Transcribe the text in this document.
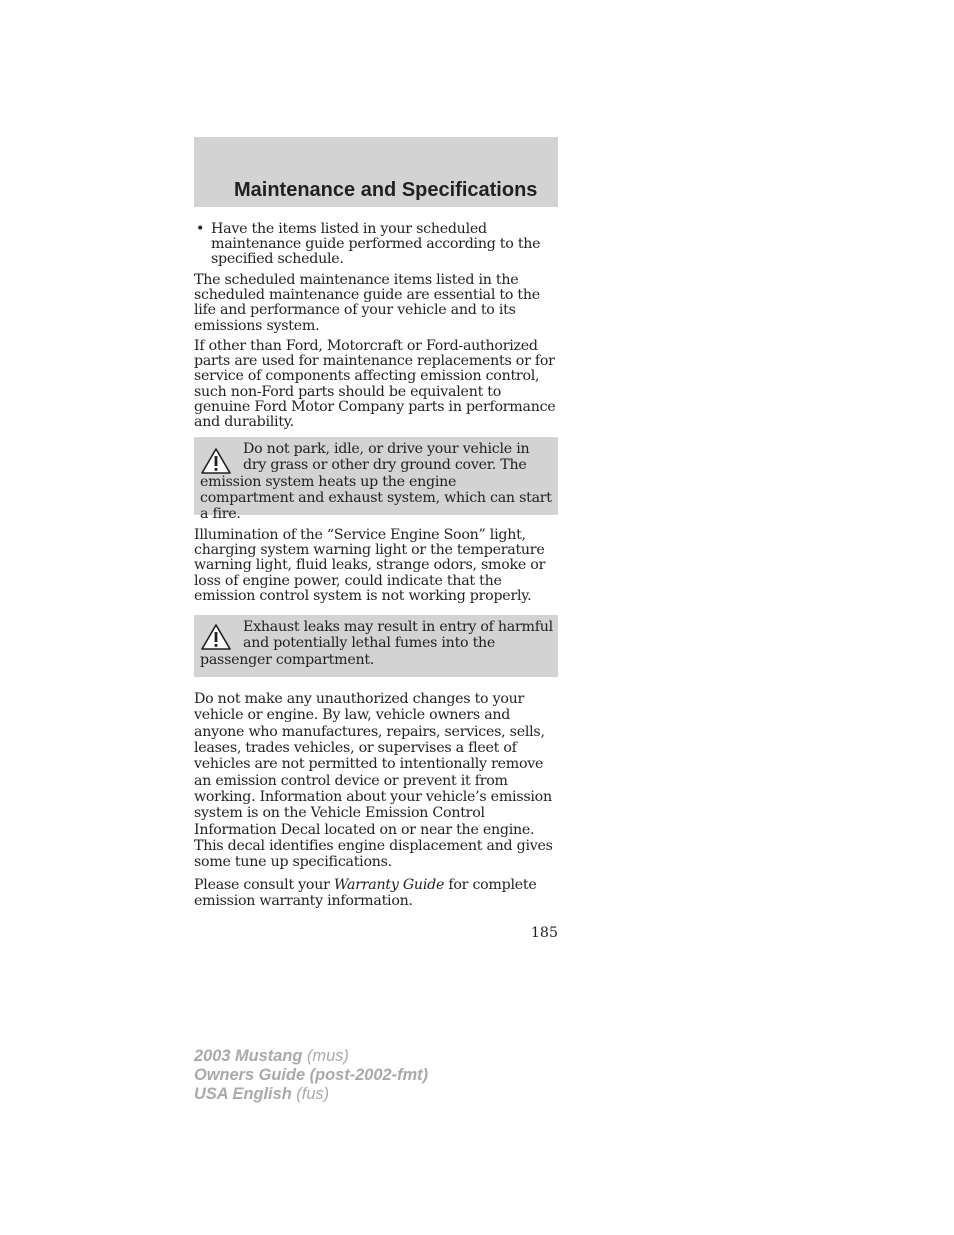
Maintenance and Specifications
• Have the items listed in your scheduled maintenance guide performed according to the specified schedule.

The scheduled maintenance items listed in the scheduled maintenance guide are essential to the life and performance of your vehicle and to its emissions system.

If other than Ford, Motorcraft or Ford-authorized parts are used for maintenance replacements or for service of components affecting emission control, such non-Ford parts should be equivalent to genuine Ford Motor Company parts in performance and durability.

Do not park, idle, or drive your vehicle in
dry grass or other dry ground cover. The
emission system heats up the engine compartment and exhaust system, which can start a fire.

Illumination of the “Service Engine Soon” light, charging system warning light or the temperature warning light, fluid leaks, strange odors, smoke or loss of engine power, could indicate that the emission control system is not working properly.

Exhaust leaks may result in entry of harmful
and potentially lethal fumes into the
passenger compartment.

Do not make any unauthorized changes to your vehicle or engine. By law, vehicle owners and anyone who manufactures, repairs, services, sells, leases, trades vehicles, or supervises a fleet of vehicles are not permitted to intentionally remove an emission control device or prevent it from working. Information about your vehicle’s emission system is on the Vehicle Emission Control Information Decal located on or near the engine. This decal identifies engine displacement and gives some tune up specifications.

Please consult your Warranty Guide for complete emission warranty information.

185
2003 Mustang (mus)
Owners Guide (post-2002-fmt)
USA English (fus)
